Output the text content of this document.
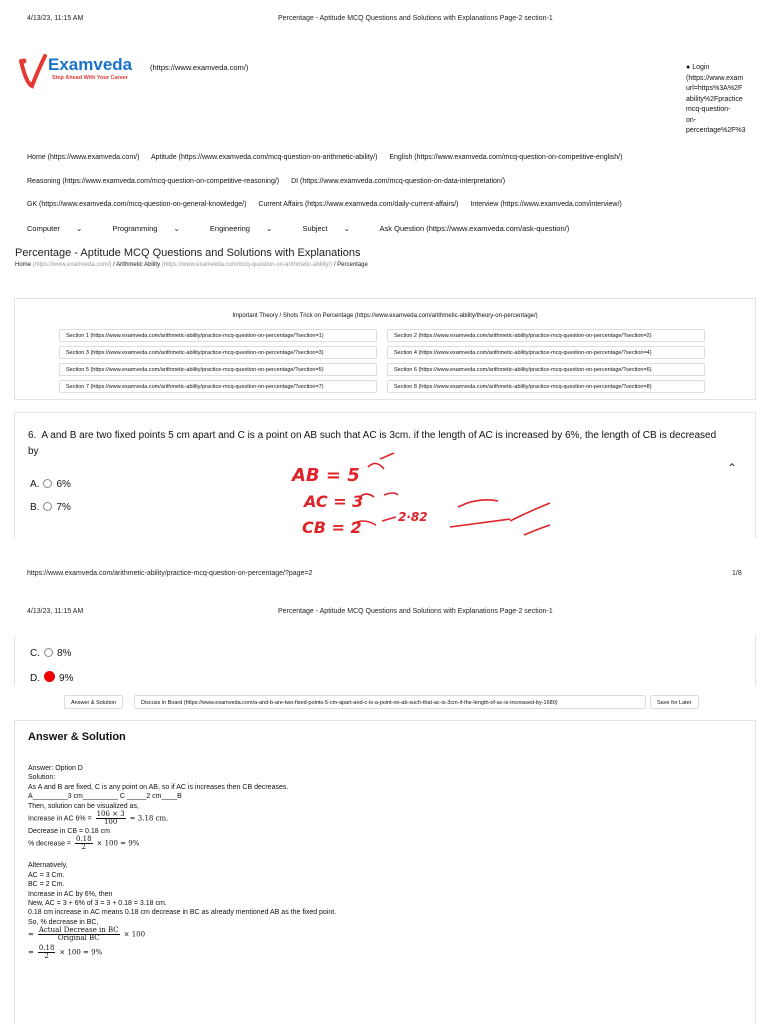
4/13/23, 11:15 AM	Percentage - Aptitude MCQ Questions and Solutions with Explanations Page-2 section-1
Examveda
Step Ahead With Your Career
(https://www.examveda.com/)	● Login
(https://www.exam
url=https%3A%2F
ability%2Fpractice
mcq-question-
on-
percentage%2F%3
Home (https://www.examveda.com/) Aptitude (https://www.examveda.com/mcq-question-on-arithmetic-ability/) English (https://www.examveda.com/mcq-question-on-competitive-english/)
Reasoning (https://www.examveda.com/mcq-question-on-competitive-reasoning/) DI (https://www.examveda.com/mcq-question-on-data-interpretation/)
GK (https://www.examveda.com/mcq-question-on-general-knowledge/) Current Affairs (https://www.examveda.com/daily-current-affairs/) Interview (https://www.examveda.com/interview/)
Computer ⌄	Programming ⌄	Engineering ⌄	Subject ⌄	Ask Question (https://www.examveda.com/ask-question/)
Percentage - Aptitude MCQ Questions and Solutions with Explanations
Home (https://www.examveda.com/) / Arithmetic Ability (https://www.examveda.com/mcq-question-on-arithmetic-ability/) / Percentage
Important Theory / Shots Trick on Percentage (https://www.examveda.com/arithmetic-ability/theory-on-percentage/)
Section 1 (https://www.examveda.com/arithmetic-ability/practice-mcq-question-on-percentage/?section=1)	Section 2 (https://www.examveda.com/arithmetic-ability/practice-mcq-question-on-percentage/?section=2)
Section 3 (https://www.examveda.com/arithmetic-ability/practice-mcq-question-on-percentage/?section=3)	Section 4 (https://www.examveda.com/arithmetic-ability/practice-mcq-question-on-percentage/?section=4)
Section 5 (https://www.examveda.com/arithmetic-ability/practice-mcq-question-on-percentage/?section=5)	Section 6 (https://www.examveda.com/arithmetic-ability/practice-mcq-question-on-percentage/?section=6)
Section 7 (https://www.examveda.com/arithmetic-ability/practice-mcq-question-on-percentage/?section=7)	Section 8 (https://www.examveda.com/arithmetic-ability/practice-mcq-question-on-percentage/?section=8)
6. A and B are two fixed points 5 cm apart and C is a point on AB such that AC is 3cm. if the length of AC is increased by 6%, the length of CB is decreased by
A. 6%
B. 7%
⌃
AB = 5
AC = 3
CB = 2
2·82
https://www.examveda.com/arithmetic-ability/practice-mcq-question-on-percentage/?page=2	1/8
4/13/23, 11:15 AM	Percentage - Aptitude MCQ Questions and Solutions with Explanations Page-2 section-1
C. 8%
D. 9%
Answer & Solution	Discuss in Board (https://www.examveda.com/a-and-b-are-two-fixed-points-5-cm-apart-and-c-is-a-point-on-ab-such-that-ac-is-3cm-if-the-length-of-ac-is-increased-by-1680)	Save for Later
Answer & Solution
Answer: Option D
Solution:
As A and B are fixed, C is any point on AB, so if AC is increases then CB decreases.
A_________3 cm_________ C _____2 cm____B
Then, solution can be visualized as,
Increase in AC $6\% = \frac{106 \times 3}{100} = 3.18$ cm.
Decrease in CB = 0.18 cm
% decrease = $\frac{0.18}{2} \times 100 = 9\%$
Alternatively,
AC = 3 Cm.
BC = 2 Cm.
Increase in AC by 6%, then
New, AC = 3 + 6% of 3 = 3 + 0.18 = 3.18 cm.
0.18 cm increase in AC means 0.18 cm decrease in BC as already mentioned AB as the fixed point.
So, % decrease in BC,
= $\frac{\text{Actual Decrease in BC}}{\text{Original BC}} \times 100$
= $\frac{0.18}{2} \times 100 = 9\%$
